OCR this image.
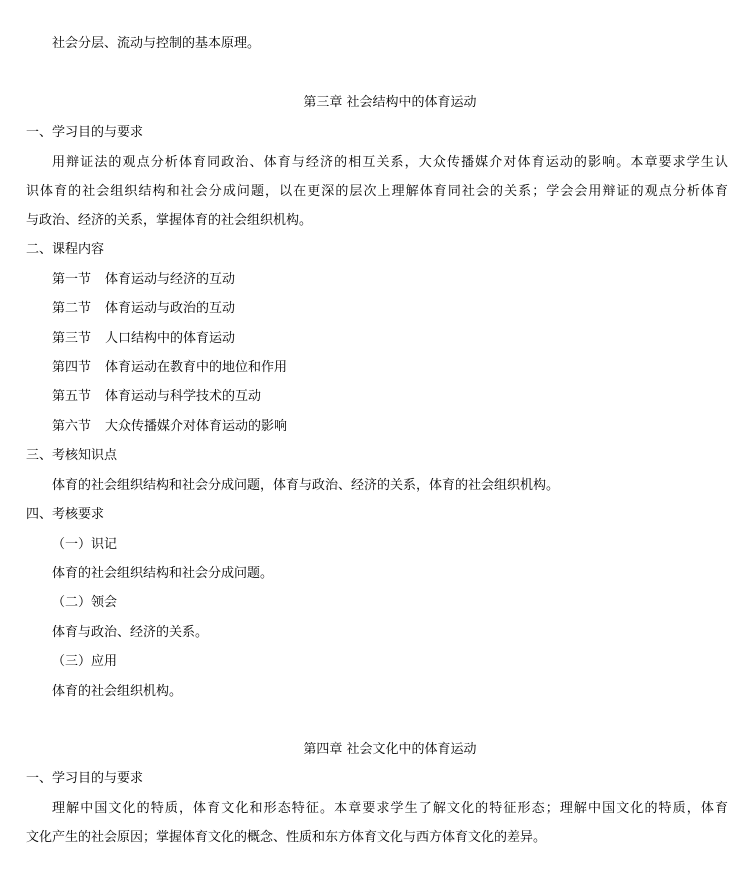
社会分层、流动与控制的基本原理。
第三章 社会结构中的体育运动
一、学习目的与要求
用辩证法的观点分析体育同政治、体育与经济的相互关系，大众传播媒介对体育运动的影响。本章要求学生认
识体育的社会组织结构和社会分成问题，以在更深的层次上理解体育同社会的关系；学会会用辩证的观点分析体育
与政治、经济的关系，掌握体育的社会组织机构。
二、课程内容
第一节 体育运动与经济的互动
第二节 体育运动与政治的互动
第三节 人口结构中的体育运动
第四节 体育运动在教育中的地位和作用
第五节 体育运动与科学技术的互动
第六节 大众传播媒介对体育运动的影响
三、考核知识点
体育的社会组织结构和社会分成问题，体育与政治、经济的关系，体育的社会组织机构。
四、考核要求
（一）识记
体育的社会组织结构和社会分成问题。
（二）领会
体育与政治、经济的关系。
（三）应用
体育的社会组织机构。
第四章 社会文化中的体育运动
一、学习目的与要求
理解中国文化的特质，体育文化和形态特征。本章要求学生了解文化的特征形态；理解中国文化的特质，体育
文化产生的社会原因；掌握体育文化的概念、性质和东方体育文化与西方体育文化的差异。
